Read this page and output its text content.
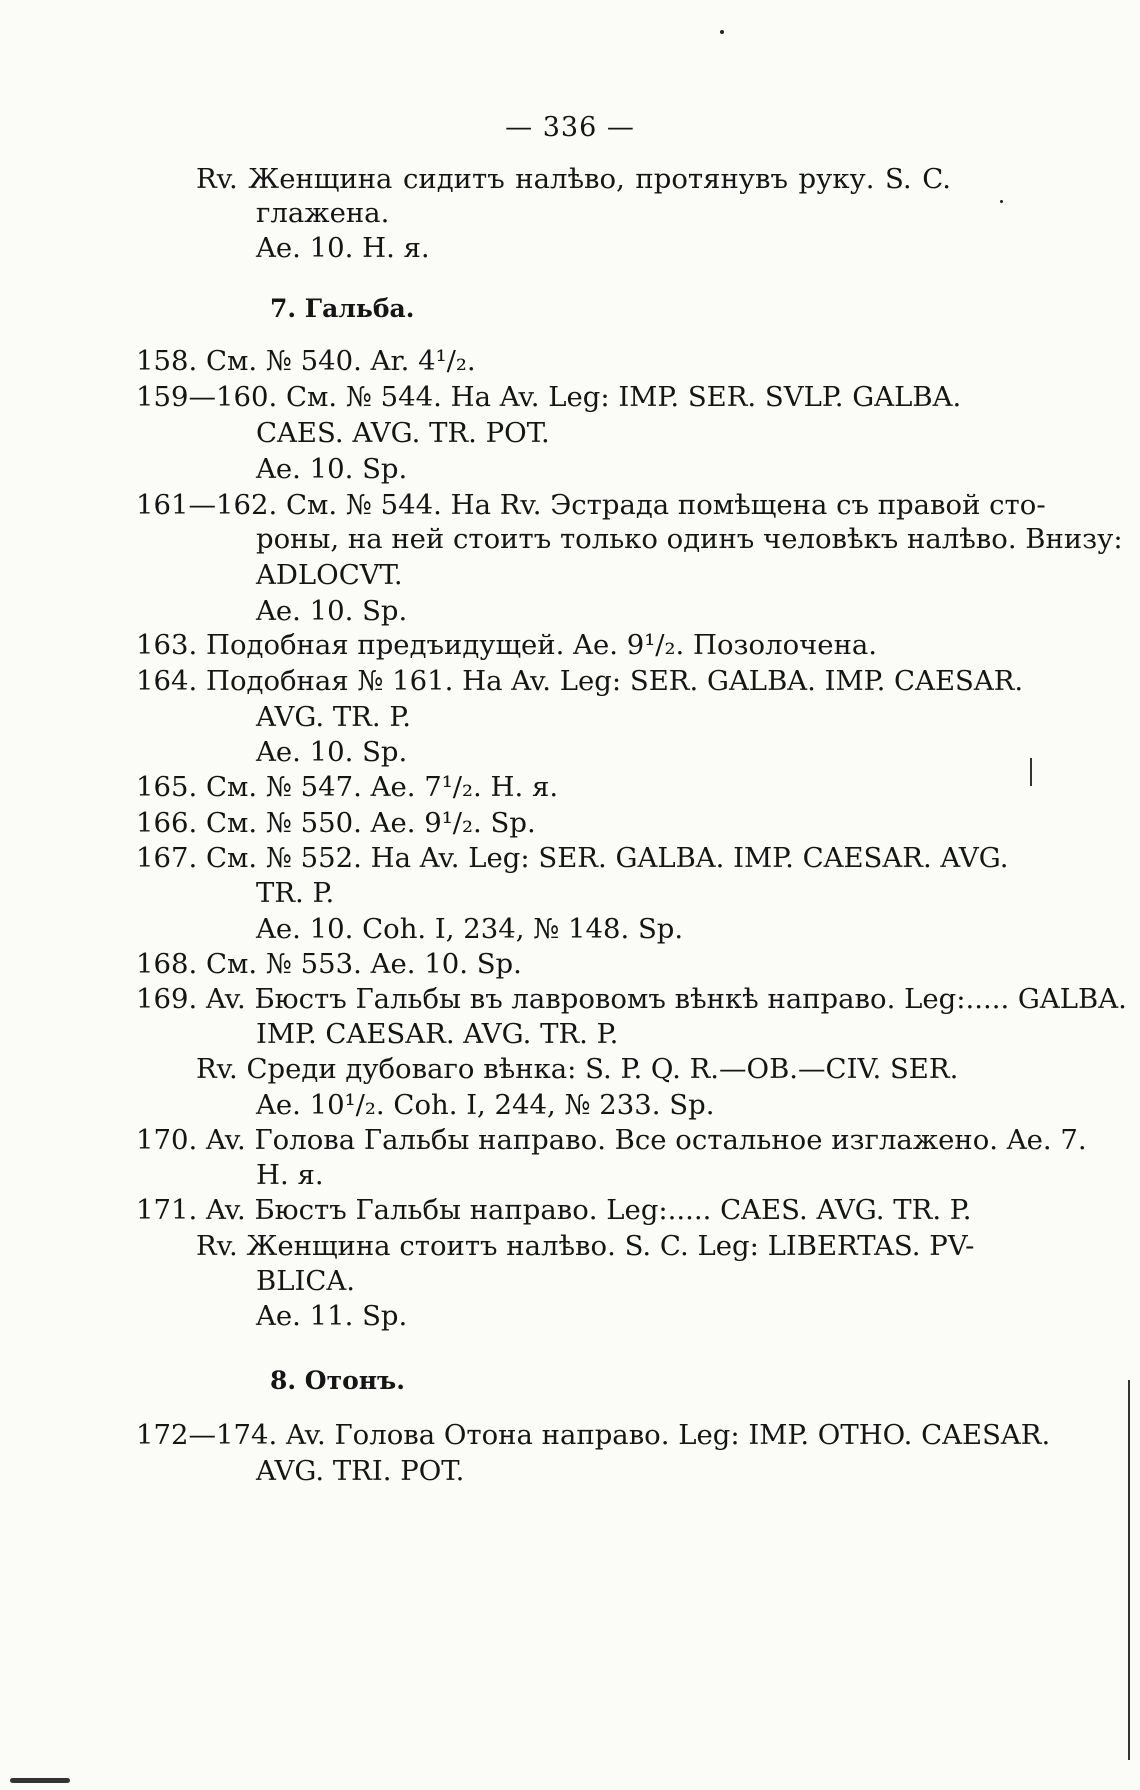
— 336 —
Rv. Женщина сидитъ налѣво, протянувъ руку. S. C.
глажена.
Ae. 10. H. я.
7. Гальба.
158. См. № 540. Ar. 4¹/₂.
159—160. См. № 544. На Av. Leg: IMP. SER. SVLP. GALBA.
CAES. AVG. TR. POT.
Ae. 10. Sp.
161—162. См. № 544. На Rv. Эстрада помѣщена съ правой сто-
роны, на ней стоитъ только одинъ человѣкъ налѣво. Внизу:
ADLOCVT.
Ae. 10. Sp.
163. Подобная предъидущей. Ae. 9¹/₂. Позолочена.
164. Подобная № 161. На Av. Leg: SER. GALBA. IMP. CAESAR.
AVG. TR. P.
Ae. 10. Sp.
165. См. № 547. Ae. 7¹/₂. H. я.
166. См. № 550. Ae. 9¹/₂. Sp.
167. См. № 552. На Av. Leg: SER. GALBA. IMP. CAESAR. AVG.
TR. P.
Ae. 10. Coh. I, 234, № 148. Sp.
168. См. № 553. Ae. 10. Sp.
169. Av. Бюстъ Гальбы въ лавровомъ вѣнкѣ направо. Leg:..... GALBA.
IMP. CAESAR. AVG. TR. P.
Rv. Среди дубоваго вѣнка: S. P. Q. R.—OB.—CIV. SER.
Ae. 10¹/₂. Coh. I, 244, № 233. Sp.
170. Av. Голова Гальбы направо. Все остальное изглажено. Ae. 7.
H. я.
171. Av. Бюстъ Гальбы направо. Leg:..... CAES. AVG. TR. P.
Rv. Женщина стоитъ налѣво. S. C. Leg: LIBERTAS. PV-
BLICA.
Ae. 11. Sp.
8. Отонъ.
172—174. Av. Голова Отона направо. Leg: IMP. OTHO. CAESAR.
AVG. TRI. POT.
